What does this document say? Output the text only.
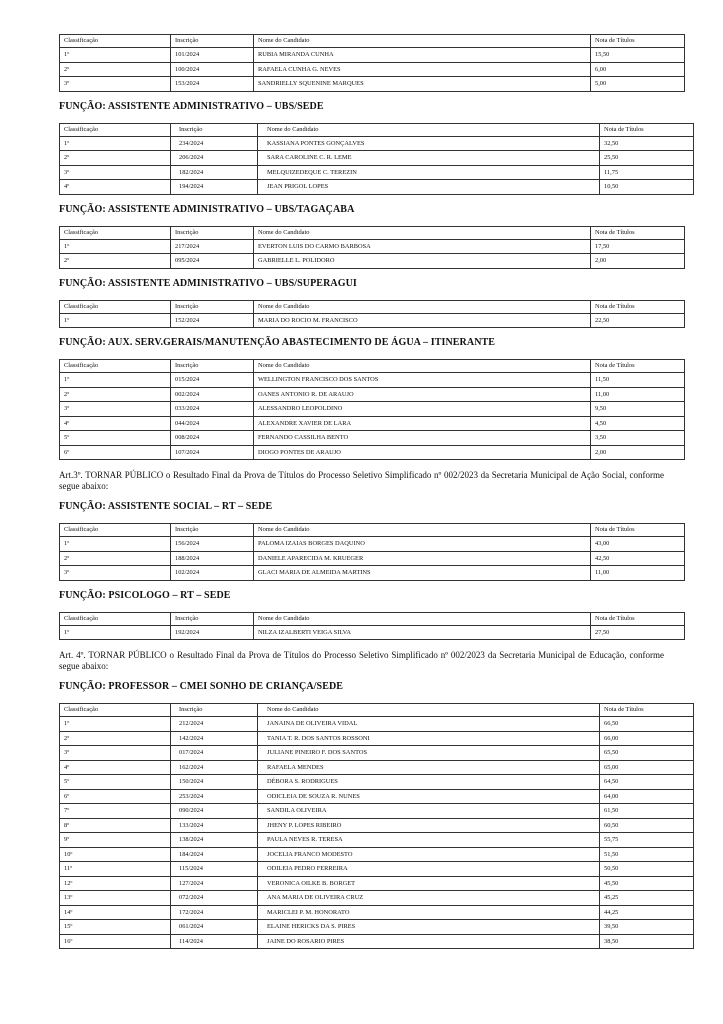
Classificação	Inscrição	Nome do Candidato	Nota de Títulos
1º	101/2024	RUBIA MIRANDA CUNHA	15,50
2º	100/2024	RAFAELA CUNHA G. NEVES	6,00
3º	153/2024	SANDRIELLY SQUENINE MARQUES	5,00
FUNÇÃO: ASSISTENTE ADMINISTRATIVO – UBS/SEDE
Classificação	Inscrição	Nome do Candidato	Nota de Títulos
1º	234/2024	KASSIANA PONTES GONÇALVES	32,50
2º	206/2024	SARA CAROLINE C. R. LEME	25,50
3º	182/2024	MELQUIZEDEQUE C. TEREZIN	11,75
4º	194/2024	JEAN PRIGOL LOPES	10,50
FUNÇÃO: ASSISTENTE ADMINISTRATIVO – UBS/TAGAÇABA
Classificação	Inscrição	Nome do Candidato	Nota de Títulos
1º	217/2024	EVERTON LUIS DO CARMO BARBOSA	17,50
2º	095/2024	GABRIELLE L. POLIDORO	2,00
FUNÇÃO: ASSISTENTE ADMINISTRATIVO – UBS/SUPERAGUI
Classificação	Inscrição	Nome do Candidato	Nota de Títulos
1º	152/2024	MARIA DO ROCIO M. FRANCISCO	22,50
FUNÇÃO: AUX. SERV.GERAIS/MANUTENÇÃO ABASTECIMENTO DE ÁGUA – ITINERANTE
Classificação	Inscrição	Nome do Candidato	Nota de Títulos
1º	015/2024	WELLINGTON FRANCISCO DOS SANTOS	11,50
2º	002/2024	OANES ANTONIO R. DE ARAUJO	11,00
3º	033/2024	ALESSANDRO LEOPOLDINO	9,50
4º	044/2024	ALEXANDRE XAVIER DE LARA	4,50
5º	008/2024	FERNANDO CASSILHA BENTO	3,50
6º	107/2024	DIOGO PONTES DE ARAUJO	2,00
Art.3º. TORNAR PÚBLICO o Resultado Final da Prova de Títulos do Processo Seletivo Simplificado nº 002/2023 da Secretaria Municipal de Ação Social, conforme segue abaixo:
FUNÇÃO: ASSISTENTE SOCIAL – RT – SEDE
Classificação	Inscrição	Nome do Candidato	Nota de Títulos
1º	156/2024	PALOMA IZAIAS BORGES DAQUINO	43,00
2º	188/2024	DANIELE APARECIDA M. KRUEGER	42,50
3º	102/2024	GLACI MARIA DE ALMEIDA MARTINS	11,00
FUNÇÃO: PSICOLOGO – RT – SEDE
Classificação	Inscrição	Nome do Candidato	Nota de Títulos
1º	192/2024	NILZA IZALBERTI VEIGA SILVA	27,50
Art. 4º. TORNAR PÚBLICO o Resultado Final da Prova de Títulos do Processo Seletivo Simplificado nº 002/2023 da Secretaria Municipal de Educação, conforme segue abaixo:
FUNÇÃO: PROFESSOR – CMEI SONHO DE CRIANÇA/SEDE
Classificação	Inscrição	Nome do Candidato	Nota de Títulos
1º	212/2024	JANAINA DE OLIVEIRA VIDAL	66,50
2º	142/2024	TANIA T. R. DOS SANTOS ROSSONI	66,00
3º	017/2024	JULIANE PINEIRO F. DOS SANTOS	65,50
4º	162/2024	RAFAELA MENDES	65,00
5º	150/2024	DÉBORA S. RODRIGUES	64,50
6º	253/2024	ODICLEIA DE SOUZA R. NUNES	64,00
7º	090/2024	SANDILA OLIVEIRA	61,50
8º	133/2024	JHENY P. LOPES RIBEIRO	60,50
9º	138/2024	PAULA NEVES R. TERESA	55,75
10º	184/2024	JOCELIA FRANCO MODESTO	51,50
11º	115/2024	ODILEIA PEDRO FERREIRA	50,50
12º	127/2024	VERONICA OILKE B. BORGET	45,50
13º	072/2024	ANA MARIA DE OLIVEIRA CRUZ	45,25
14º	172/2024	MARICLEI P. M. HONORATO	44,25
15º	061/2024	ELAINE HERICKS DA S. PIRES	39,50
16º	114/2024	JAINE DO ROSARIO PIRES	38,50
